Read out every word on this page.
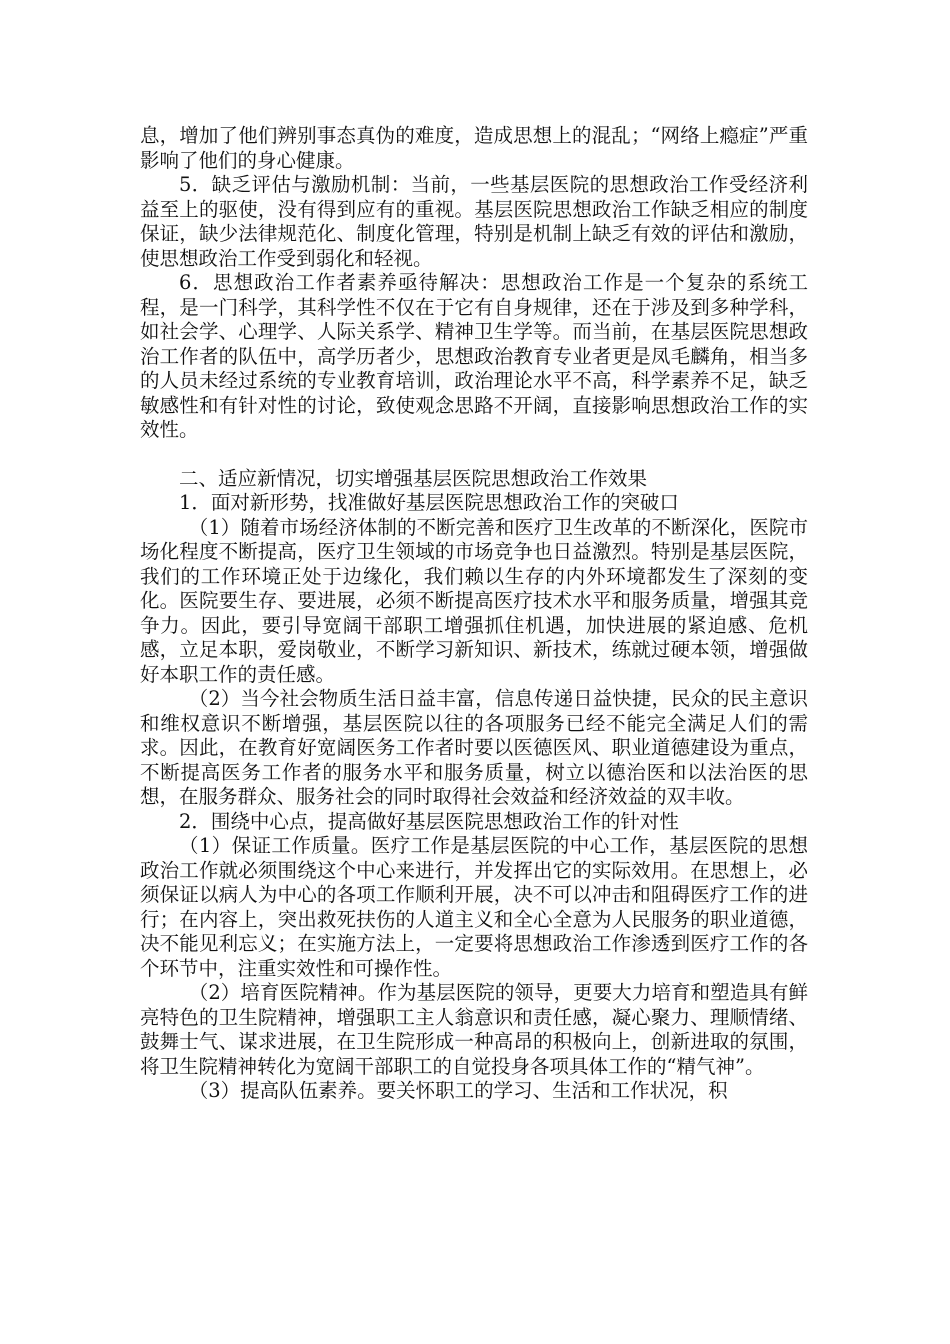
息，增加了他们辨别事态真伪的难度，造成思想上的混乱；“网络上瘾症”严重影响了他们的身心健康。

5．缺乏评估与激励机制：当前，一些基层医院的思想政治工作受经济利益至上的驱使，没有得到应有的重视。基层医院思想政治工作缺乏相应的制度保证，缺少法律规范化、制度化管理，特别是机制上缺乏有效的评估和激励，使思想政治工作受到弱化和轻视。

6．思想政治工作者素养亟待解决：思想政治工作是一个复杂的系统工程，是一门科学，其科学性不仅在于它有自身规律，还在于涉及到多种学科，如社会学、心理学、人际关系学、精神卫生学等。而当前，在基层医院思想政治工作者的队伍中，高学历者少，思想政治教育专业者更是凤毛麟角，相当多的人员未经过系统的专业教育培训，政治理论水平不高，科学素养不足，缺乏敏感性和有针对性的讨论，致使观念思路不开阔，直接影响思想政治工作的实效性。

二、适应新情况，切实增强基层医院思想政治工作效果

1．面对新形势，找准做好基层医院思想政治工作的突破口

（1）随着市场经济体制的不断完善和医疗卫生改革的不断深化，医院市场化程度不断提高，医疗卫生领域的市场竞争也日益激烈。特别是基层医院，我们的工作环境正处于边缘化，我们赖以生存的内外环境都发生了深刻的变化。医院要生存、要进展，必须不断提高医疗技术水平和服务质量，增强其竞争力。因此，要引导宽阔干部职工增强抓住机遇，加快进展的紧迫感、危机感，立足本职，爱岗敬业，不断学习新知识、新技术，练就过硬本领，增强做好本职工作的责任感。

（2）当今社会物质生活日益丰富，信息传递日益快捷，民众的民主意识和维权意识不断增强，基层医院以往的各项服务已经不能完全满足人们的需求。因此，在教育好宽阔医务工作者时要以医德医风、职业道德建设为重点，不断提高医务工作者的服务水平和服务质量，树立以德治医和以法治医的思想，在服务群众、服务社会的同时取得社会效益和经济效益的双丰收。

2．围绕中心点，提高做好基层医院思想政治工作的针对性

（1）保证工作质量。医疗工作是基层医院的中心工作，基层医院的思想政治工作就必须围绕这个中心来进行，并发挥出它的实际效用。在思想上，必须保证以病人为中心的各项工作顺利开展，决不可以冲击和阻碍医疗工作的进行；在内容上，突出救死扶伤的人道主义和全心全意为人民服务的职业道德，决不能见利忘义；在实施方法上，一定要将思想政治工作渗透到医疗工作的各个环节中，注重实效性和可操作性。

（2）培育医院精神。作为基层医院的领导，更要大力培育和塑造具有鲜亮特色的卫生院精神，增强职工主人翁意识和责任感，凝心聚力、理顺情绪、鼓舞士气、谋求进展，在卫生院形成一种高昂的积极向上，创新进取的氛围，将卫生院精神转化为宽阔干部职工的自觉投身各项具体工作的“精气神”。

（3）提高队伍素养。要关怀职工的学习、生活和工作状况，积
